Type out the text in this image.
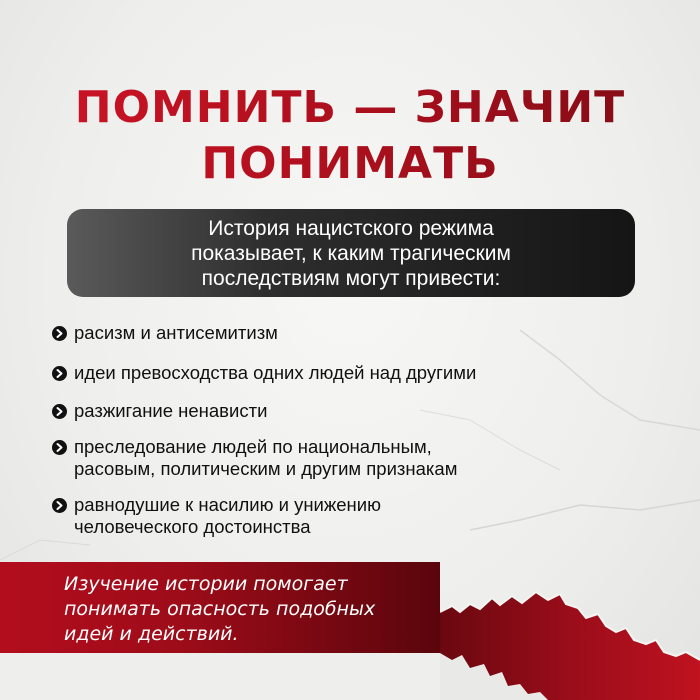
ПОМНИТЬ — ЗНАЧИТ
ПОНИМАТЬ
История нацистского режима
показывает, к каким трагическим
последствиям могут привести:
расизм и антисемитизм
идеи превосходства одних людей над другими
разжигание ненависти
преследование людей по национальным,
расовым, политическим и другим признакам
равнодушие к насилию и унижению
человеческого достоинства
Изучение истории помогает
понимать опасность подобных
идей и действий.
